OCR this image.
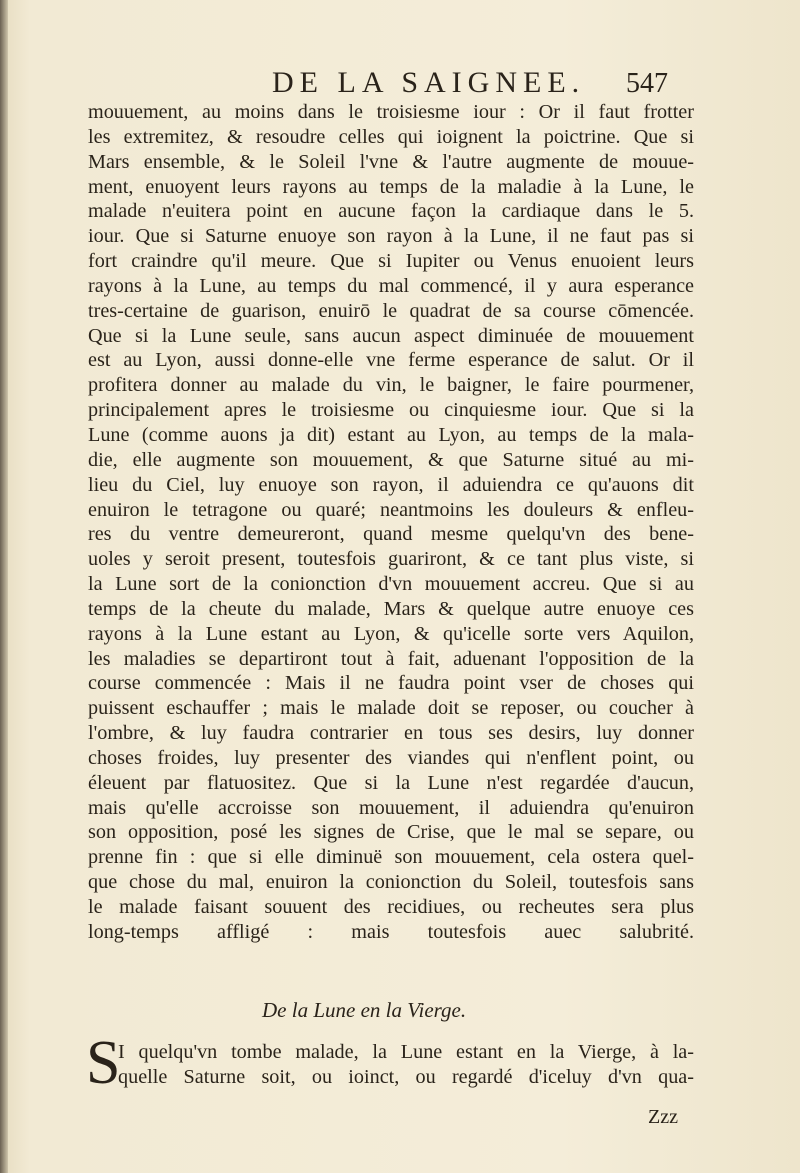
DE LA SAIGNEE. 547
mouuement, au moins dans le troisiesme iour : Or il faut frotter
les extremitez, & resoudre celles qui ioignent la poictrine. Que si
Mars ensemble, & le Soleil l'vne & l'autre augmente de mouue-
ment, enuoyent leurs rayons au temps de la maladie à la Lune, le
malade n'euitera point en aucune façon la cardiaque dans le 5.
iour. Que si Saturne enuoye son rayon à la Lune, il ne faut pas si
fort craindre qu'il meure. Que si Iupiter ou Venus enuoient leurs
rayons à la Lune, au temps du mal commencé, il y aura esperance
tres-certaine de guarison, enuirō le quadrat de sa course cōmencée.
Que si la Lune seule, sans aucun aspect diminuée de mouuement
est au Lyon, aussi donne-elle vne ferme esperance de salut. Or il
profitera donner au malade du vin, le baigner, le faire pourmener,
principalement apres le troisiesme ou cinquiesme iour. Que si la
Lune (comme auons ja dit) estant au Lyon, au temps de la mala-
die, elle augmente son mouuement, & que Saturne situé au mi-
lieu du Ciel, luy enuoye son rayon, il aduiendra ce qu'auons dit
enuiron le tetragone ou quaré; neantmoins les douleurs & enfleu-
res du ventre demeureront, quand mesme quelqu'vn des bene-
uoles y seroit present, toutesfois guariront, & ce tant plus viste, si
la Lune sort de la conionction d'vn mouuement accreu. Que si au
temps de la cheute du malade, Mars & quelque autre enuoye ces
rayons à la Lune estant au Lyon, & qu'icelle sorte vers Aquilon,
les maladies se departiront tout à fait, aduenant l'opposition de la
course commencée : Mais il ne faudra point vser de choses qui
puissent eschauffer ; mais le malade doit se reposer, ou coucher à
l'ombre, & luy faudra contrarier en tous ses desirs, luy donner
choses froides, luy presenter des viandes qui n'enflent point, ou
éleuent par flatuositez. Que si la Lune n'est regardée d'aucun,
mais qu'elle accroisse son mouuement, il aduiendra qu'enuiron
son opposition, posé les signes de Crise, que le mal se separe, ou
prenne fin : que si elle diminuë son mouuement, cela ostera quel-
que chose du mal, enuiron la conionction du Soleil, toutesfois sans
le malade faisant souuent des recidiues, ou recheutes sera plus
long-temps affligé : mais toutesfois auec salubrité.
De la Lune en la Vierge.
S
I quelqu'vn tombe malade, la Lune estant en la Vierge, à la-
quelle Saturne soit, ou ioinct, ou regardé d'iceluy d'vn qua-
Zzz
